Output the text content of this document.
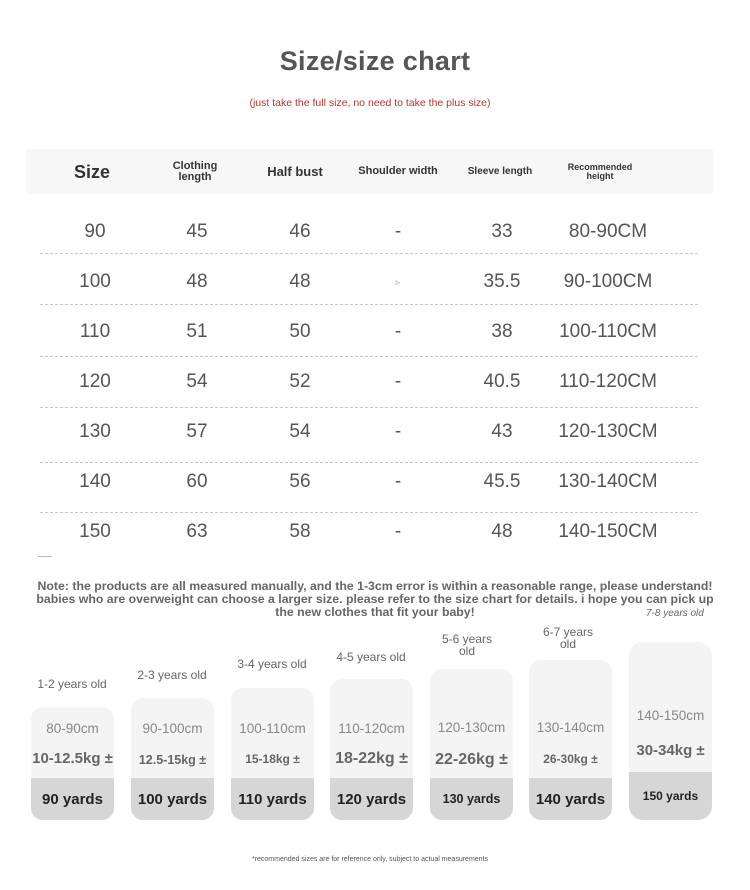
Size/size chart
(just take the full size, no need to take the plus size)
Size	Clothing length	Half bust	Shoulder width	Sleeve length	Recommended height
90	45	46	-	33	80-90CM
100	48	48	▹	35.5	90-100CM
110	51	50	-	38	100-110CM
120	54	52	-	40.5	110-120CM
130	57	54	-	43	120-130CM
140	60	56	-	45.5	130-140CM
150	63	58	-	48	140-150CM
Note: the products are all measured manually, and the 1-3cm error is within a reasonable range, please understand! babies who are overweight can choose a larger size. please refer to the size chart for details. i hope you can pick up the new clothes that fit your baby!
1-2 years old
2-3 years old
3-4 years old	4-5 years old
5-6 years old
6-7 years old
7-8 years old
80-90cm
10-12.5kg ±
90 yards
90-100cm
12.5-15kg ±
100 yards
100-110cm
15-18kg ±
110 yards
110-120cm
18-22kg ±
120 yards
120-130cm
22-26kg ±
130 yards
130-140cm
26-30kg ±
140 yards
140-150cm
30-34kg ±
150 yards
*recommended sizes are for reference only, subject to actual measurements
